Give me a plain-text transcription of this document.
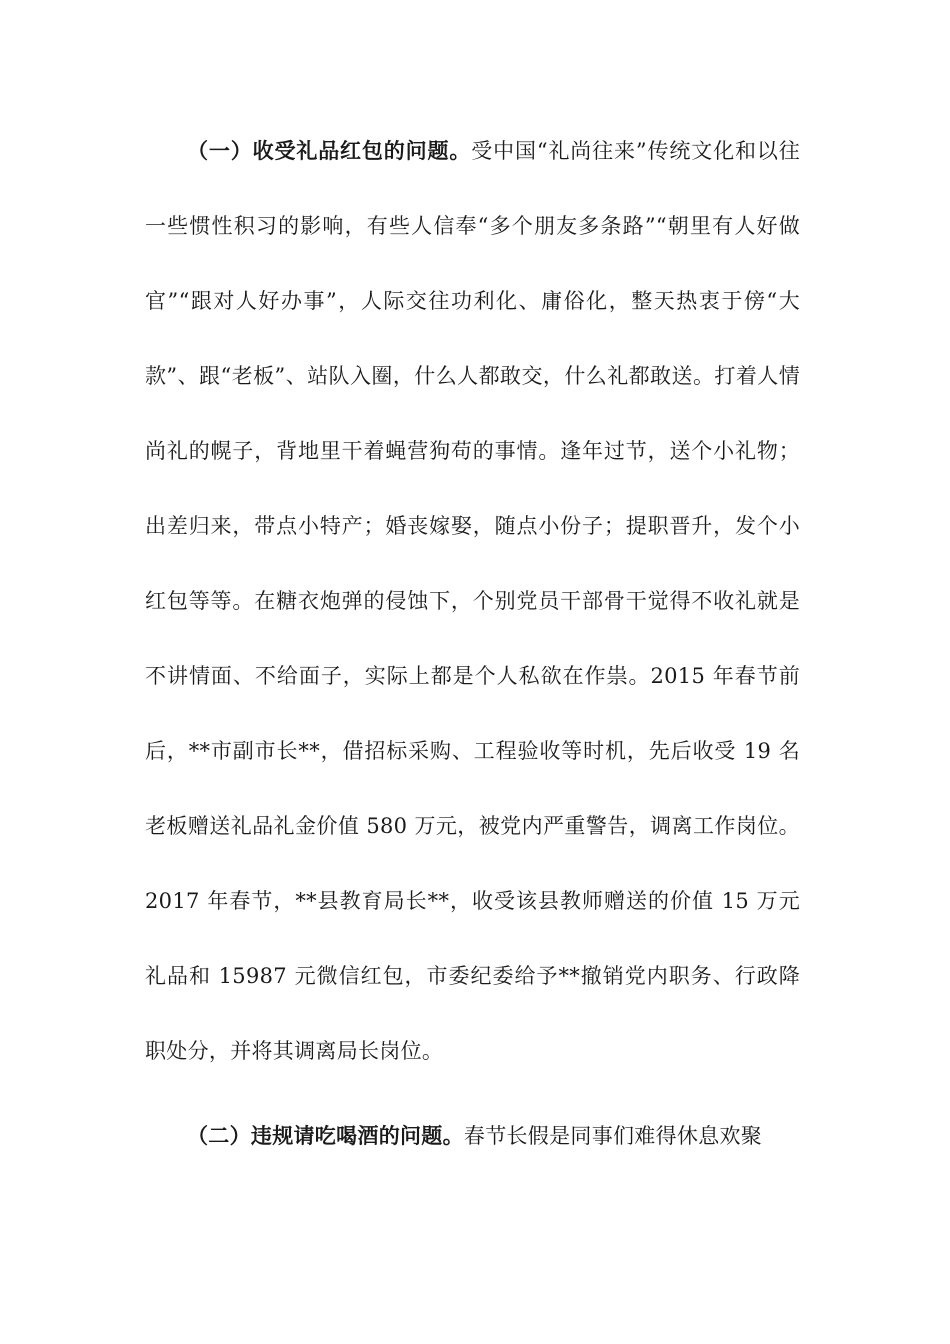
（一）收受礼品红包的问题。受中国“礼尚往来”传统文化和以往一些惯性积习的影响，有些人信奉“多个朋友多条路”“朝里有人好做官”“跟对人好办事”，人际交往功利化、庸俗化，整天热衷于傍“大款”、跟“老板”、站队入圈，什么人都敢交，什么礼都敢送。打着人情尚礼的幌子，背地里干着蝇营狗苟的事情。逢年过节，送个小礼物；出差归来，带点小特产；婚丧嫁娶，随点小份子；提职晋升，发个小红包等等。在糖衣炮弹的侵蚀下，个别党员干部骨干觉得不收礼就是不讲情面、不给面子，实际上都是个人私欲在作祟。2015 年春节前后，**市副市长**，借招标采购、工程验收等时机，先后收受 19 名老板赠送礼品礼金价值 580 万元，被党内严重警告，调离工作岗位。2017 年春节，**县教育局长**，收受该县教师赠送的价值 15 万元礼品和 15987 元微信红包，市委纪委给予**撤销党内职务、行政降职处分，并将其调离局长岗位。

（二）违规请吃喝酒的问题。春节长假是同事们难得休息欢聚
